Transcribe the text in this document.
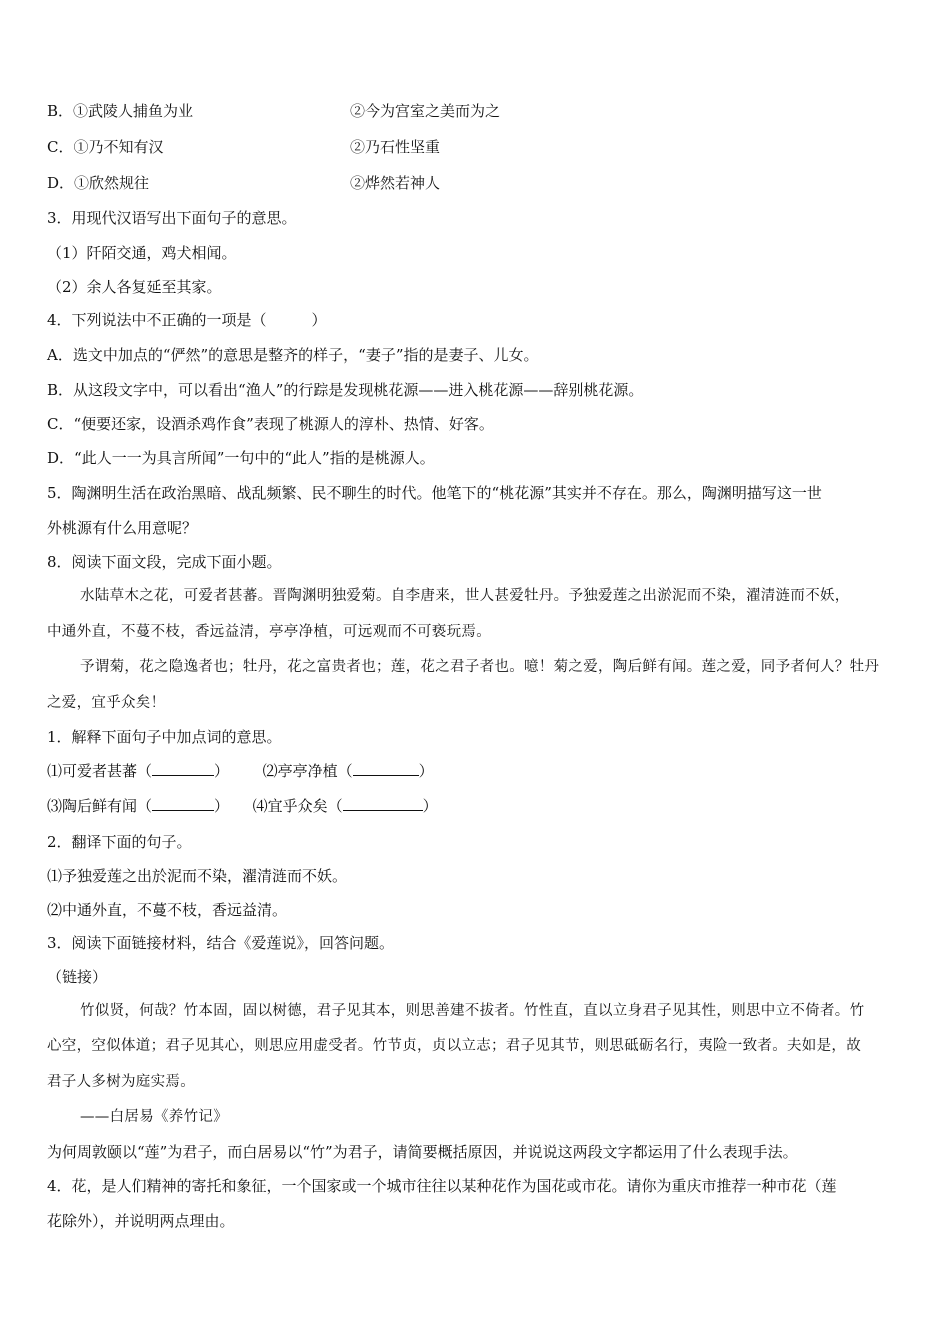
B．①武陵人捕鱼为业	②今为宫室之美而为之
C．①乃不知有汉	②乃石性坚重
D．①欣然规往	②烨然若神人
3．用现代汉语写出下面句子的意思。
（1）阡陌交通，鸡犬相闻。
（2）余人各复延至其家。
4．下列说法中不正确的一项是（　　　）
A．选文中加点的“俨然”的意思是整齐的样子，“妻子”指的是妻子、儿女。
B．从这段文字中，可以看出“渔人”的行踪是发现桃花源——进入桃花源——辞别桃花源。
C．“便要还家，设酒杀鸡作食”表现了桃源人的淳朴、热情、好客。
D．“此人一一为具言所闻”一句中的“此人”指的是桃源人。
5．陶渊明生活在政治黑暗、战乱频繁、民不聊生的时代。他笔下的“桃花源”其实并不存在。那么，陶渊明描写这一世
外桃源有什么用意呢？
8．阅读下面文段，完成下面小题。
水陆草木之花，可爱者甚蕃。晋陶渊明独爱菊。自李唐来，世人甚爱牡丹。予独爱莲之出淤泥而不染，濯清涟而不妖，
中通外直，不蔓不枝，香远益清，亭亭净植，可远观而不可亵玩焉。
予谓菊，花之隐逸者也；牡丹，花之富贵者也；莲，花之君子者也。噫！菊之爱，陶后鲜有闻。莲之爱，同予者何人？牡丹
之爱，宜乎众矣！
1．解释下面句子中加点词的意思。
⑴可爱者甚蕃（	） ⑵亭亭净植（	）
⑶陶后鲜有闻（	） ⑷宜乎众矣（	）
2．翻译下面的句子。
⑴予独爱莲之出於泥而不染，濯清涟而不妖。
⑵中通外直，不蔓不枝，香远益清。
3．阅读下面链接材料，结合《爱莲说》，回答问题。
（链接）
竹似贤，何哉？竹本固，固以树德，君子见其本，则思善建不拔者。竹性直，直以立身君子见其性，则思中立不倚者。竹
心空，空似体道；君子见其心，则思应用虚受者。竹节贞，贞以立志；君子见其节，则思砥砺名行，夷险一致者。夫如是，故
君子人多树为庭实焉。
——白居易《养竹记》
为何周敦颐以“莲”为君子，而白居易以“竹”为君子，请简要概括原因，并说说这两段文字都运用了什么表现手法。
4．花，是人们精神的寄托和象征，一个国家或一个城市往往以某种花作为国花或市花。请你为重庆市推荐一种市花（莲
花除外），并说明两点理由。
